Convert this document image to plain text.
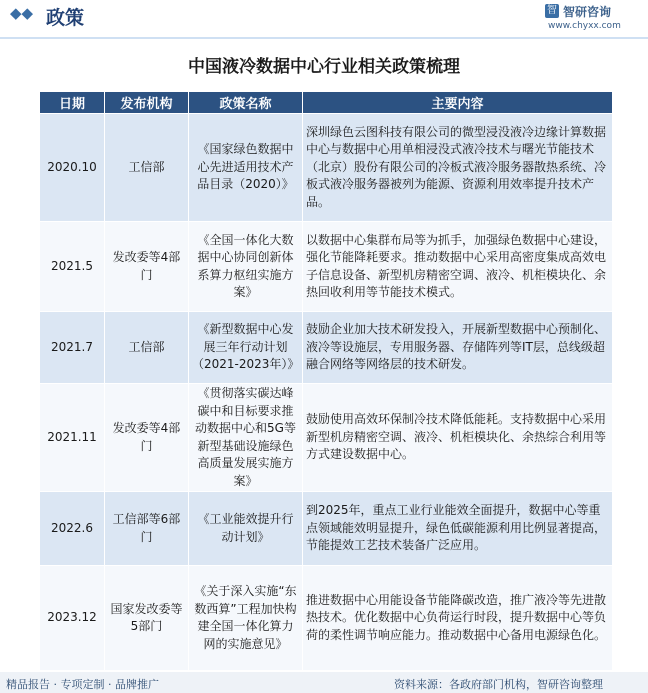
◆◆ 政策	智 智研咨询
www.chyxx.com
中国液冷数据中心行业相关政策梳理
日期	发布机构	政策名称	主要内容
2020.10	工信部	《国家绿色数据中心先进适用技术产品目录（2020）》	深圳绿色云图科技有限公司的微型浸没液冷边缘计算数据中心与数据中心用单相浸没式液冷技术与曙光节能技术（北京）股份有限公司的冷板式液冷服务器散热系统、冷板式液冷服务器被列为能源、资源利用效率提升技术产品。
2021.5	发改委等4部门	《全国一体化大数据中心协同创新体系算力枢纽实施方案》	以数据中心集群布局等为抓手，加强绿色数据中心建设，强化节能降耗要求。推动数据中心采用高密度集成高效电子信息设备、新型机房精密空调、液冷、机柜模块化、余热回收利用等节能技术模式。
2021.7	工信部	《新型数据中心发展三年行动计划（2021-2023年）》	鼓励企业加大技术研发投入，开展新型数据中心预制化、液冷等设施层，专用服务器、存储阵列等IT层，总线级超融合网络等网络层的技术研发。
2021.11	发改委等4部门	《贯彻落实碳达峰碳中和目标要求推动数据中心和5G等新型基础设施绿色高质量发展实施方案》	鼓励使用高效环保制冷技术降低能耗。支持数据中心采用新型机房精密空调、液冷、机柜模块化、余热综合利用等方式建设数据中心。
2022.6	工信部等6部门	《工业能效提升行动计划》	到2025年，重点工业行业能效全面提升，数据中心等重点领域能效明显提升，绿色低碳能源利用比例显著提高，节能提效工艺技术装备广泛应用。
2023.12	国家发改委等5部门	《关于深入实施“东数西算”工程加快构建全国一体化算力网的实施意见》	推进数据中心用能设备节能降碳改造，推广液冷等先进散热技术。优化数据中心负荷运行时段，提升数据中心等负荷的柔性调节响应能力。推动数据中心备用电源绿色化。
精品报告 · 专项定制 · 品牌推广	资料来源：各政府部门机构，智研咨询整理
